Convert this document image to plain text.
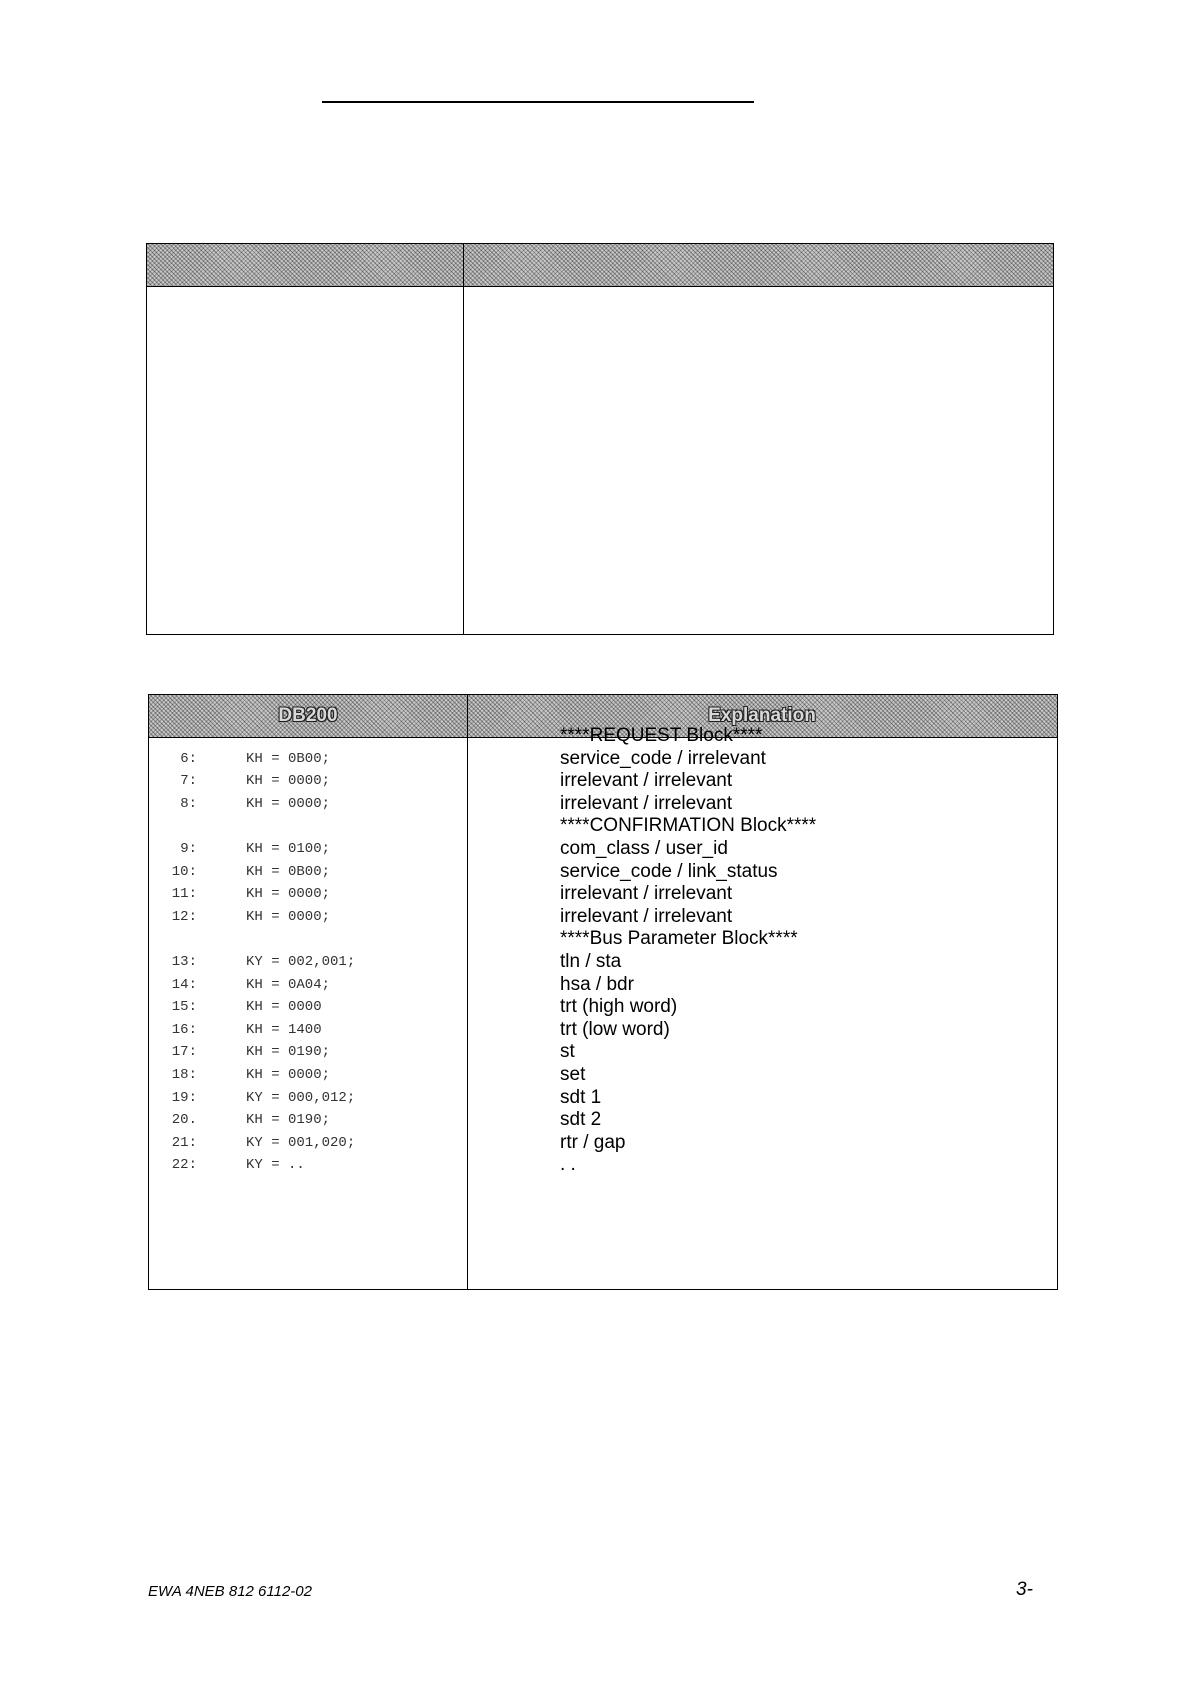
DB200	Explanation
****REQUEST Block****
6:	KH = 0B00;	service_code / irrelevant
7:	KH = 0000;	irrelevant / irrelevant
8:	KH = 0000;	irrelevant / irrelevant
****CONFIRMATION Block****
9:	KH = 0100;	com_class / user_id
10:	KH = 0B00;	service_code / link_status
11:	KH = 0000;	irrelevant / irrelevant
12:	KH = 0000;	irrelevant / irrelevant
****Bus Parameter Block****
13:	KY = 002,001;	tln / sta
14:	KH = 0A04;	hsa / bdr
15:	KH = 0000	trt (high word)
16:	KH = 1400	trt (low word)
17:	KH = 0190;	st
18:	KH = 0000;	set
19:	KY = 000,012;	sdt 1
20.	KH = 0190;	sdt 2
21:	KY = 001,020;	rtr / gap
22:	KY = ..	. .
EWA 4NEB 812 6112-02	3-
